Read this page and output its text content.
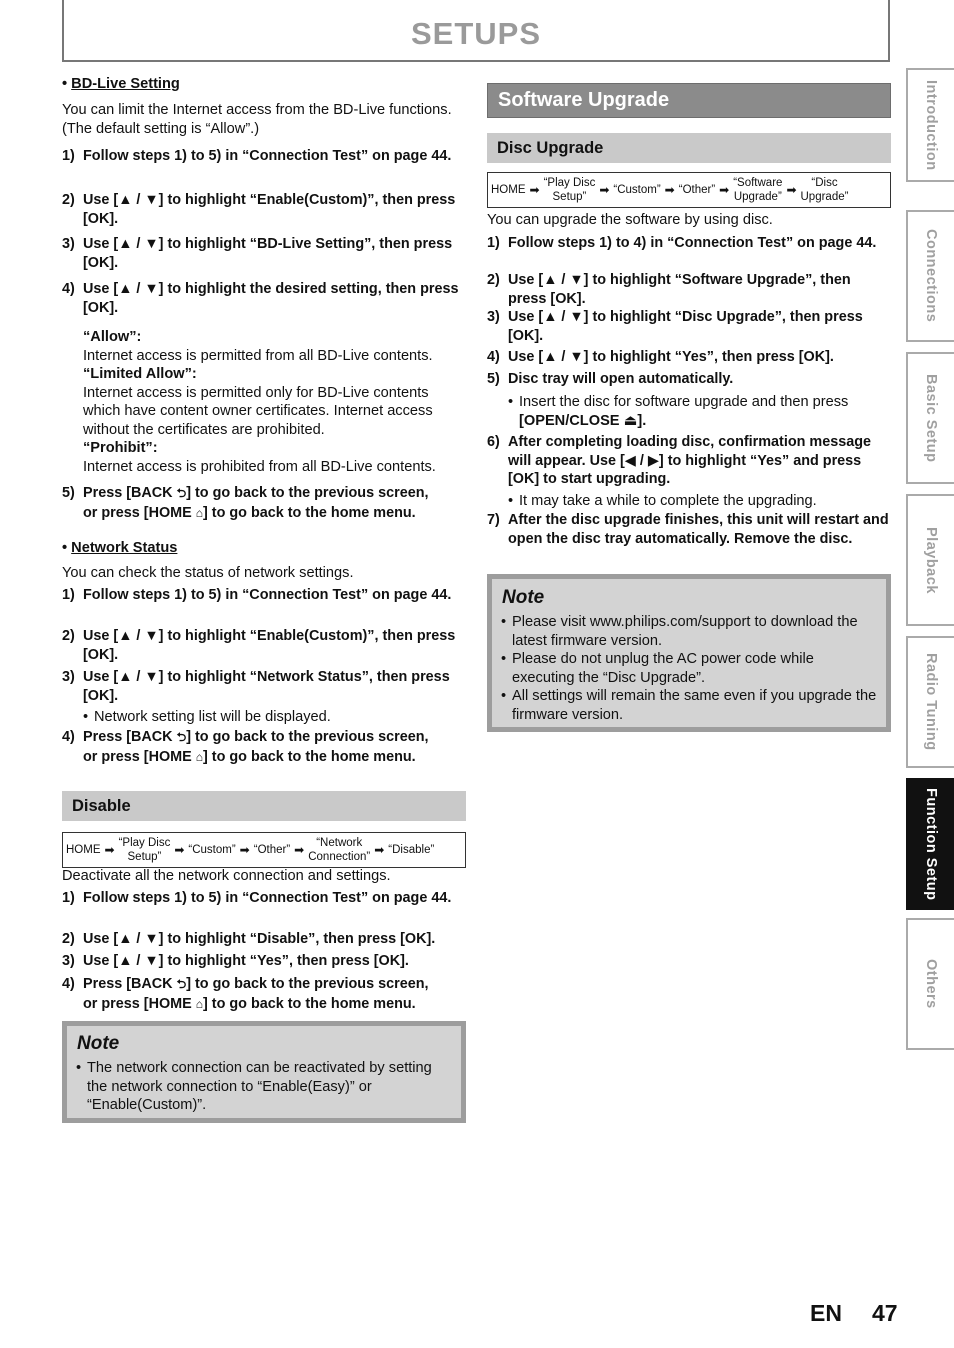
SETUPS
• BD-Live Setting
You can limit the Internet access from the BD-Live functions. (The default setting is “Allow”.)
1) Follow steps 1) to 5) in “Connection Test” on page 44.
2) Use [▲ / ▼] to highlight “Enable(Custom)”, then press [OK].
3) Use [▲ / ▼] to highlight “BD-Live Setting”, then press [OK].
4) Use [▲ / ▼] to highlight the desired setting, then press [OK].
“Allow”:
Internet access is permitted from all BD-Live contents.
“Limited Allow”:
Internet access is permitted only for BD-Live contents which have content owner certificates. Internet access without the certificates are prohibited.
“Prohibit”:
Internet access is prohibited from all BD-Live contents.
5) Press [BACK ⮌] to go back to the previous screen,
or press [HOME ⌂] to go back to the home menu.
• Network Status
You can check the status of network settings.
1) Follow steps 1) to 5) in “Connection Test” on page 44.
2) Use [▲ / ▼] to highlight “Enable(Custom)”, then press [OK].
3) Use [▲ / ▼] to highlight “Network Status”, then press [OK].
• Network setting list will be displayed.
4) Press [BACK ⮌] to go back to the previous screen,
or press [HOME ⌂] to go back to the home menu.
Disable
HOME ➡ “Play Disc
Setup”	➡ “Custom” ➡ “Other” ➡	“Network
Connection” ➡ “Disable”
Deactivate all the network connection and settings.
1) Follow steps 1) to 5) in “Connection Test” on page 44.
2) Use [▲ / ▼] to highlight “Disable”, then press [OK].
3) Use [▲ / ▼] to highlight “Yes”, then press [OK].
4) Press [BACK ⮌] to go back to the previous screen,
or press [HOME ⌂] to go back to the home menu.
Note
• The network connection can be reactivated by setting the network connection to “Enable(Easy)” or “Enable(Custom)”.
Software Upgrade
Disc Upgrade
HOME ➡ “Play Disc
Setup”	➡ “Custom” ➡ “Other” ➡ “Software
Upgrade” ➡	“Disc
Upgrade”
You can upgrade the software by using disc.
1) Follow steps 1) to 4) in “Connection Test” on page 44.
2) Use [▲ / ▼] to highlight “Software Upgrade”, then press [OK].
3) Use [▲ / ▼] to highlight “Disc Upgrade”, then press [OK].
4) Use [▲ / ▼] to highlight “Yes”, then press [OK].
5) Disc tray will open automatically.
• Insert the disc for software upgrade and then press
[OPEN/CLOSE ⏏].
6) After completing loading disc, confirmation message will appear. Use [◀ / ▶] to highlight “Yes” and press [OK] to start upgrading.
• It may take a while to complete the upgrading.
7) After the disc upgrade finishes, this unit will restart and open the disc tray automatically. Remove the disc.
Note
• Please visit www.philips.com/support to download the latest firmware version.
• Please do not unplug the AC power code while executing the “Disc Upgrade”.
• All settings will remain the same even if you upgrade the firmware version.
Introduction
Connections
Basic Setup
Playback
Radio Tuning
Function Setup
Others
EN 47
